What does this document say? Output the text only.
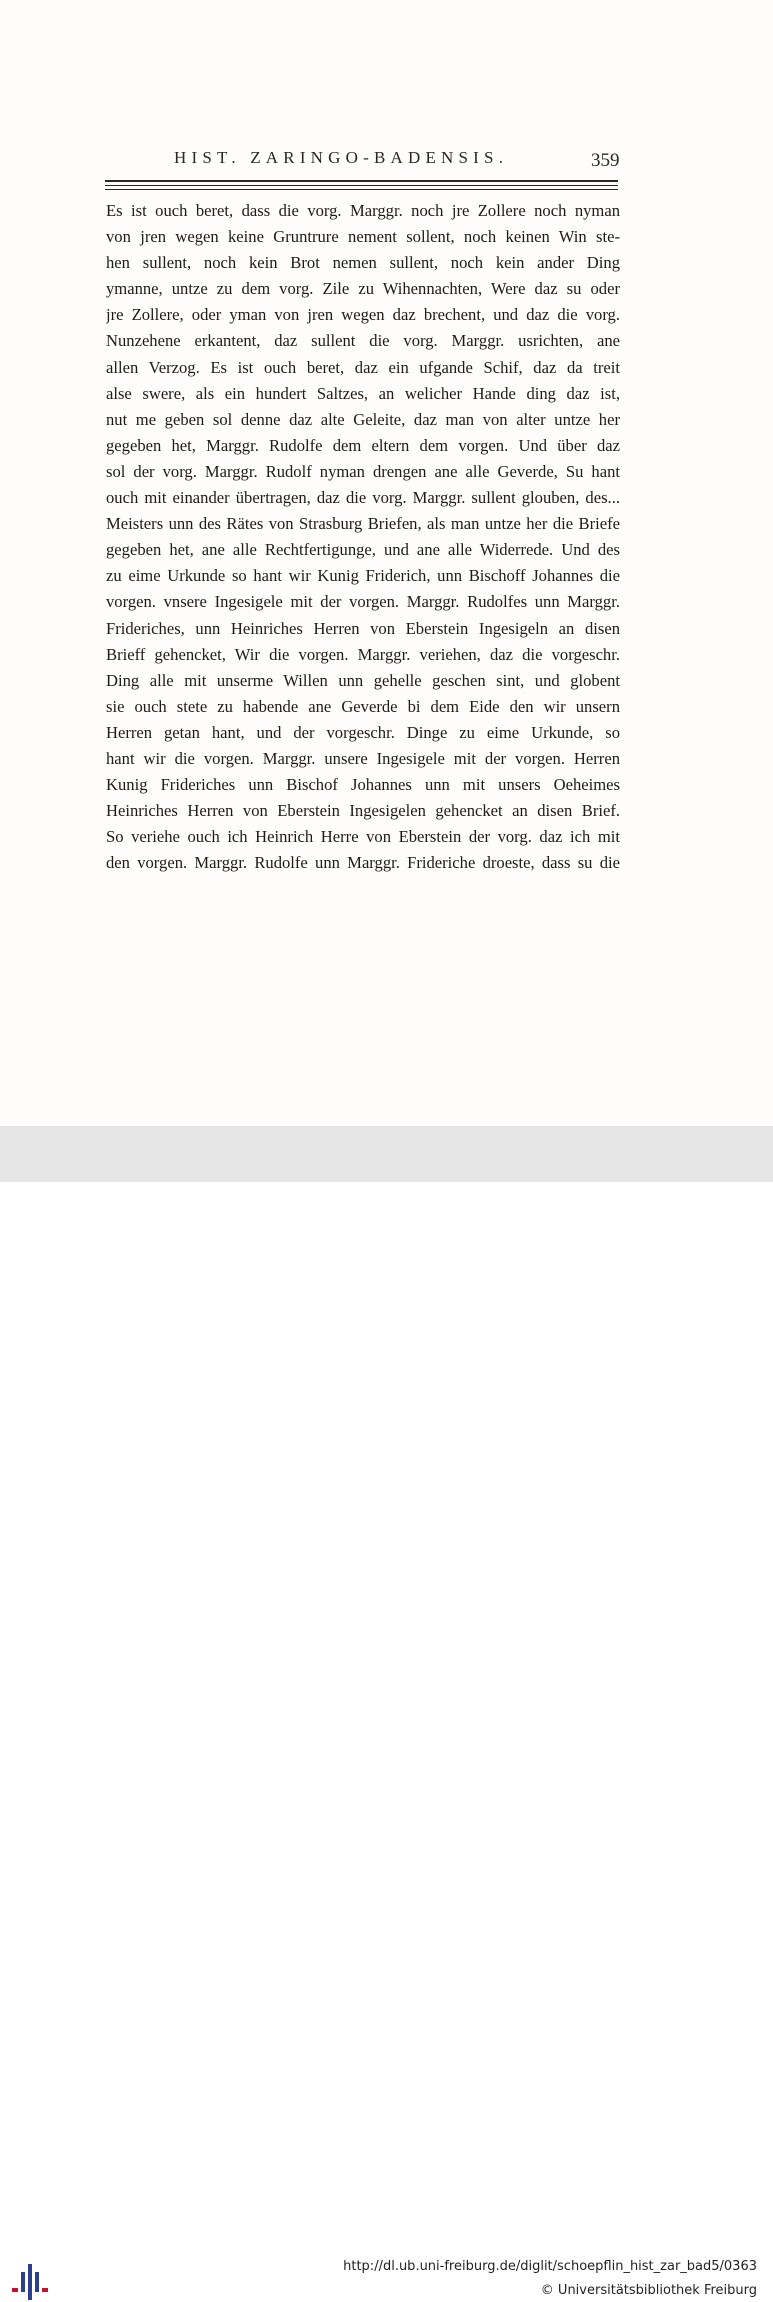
HIST. ZARINGO-BADENSIS.	359
Es ist ouch beret, dass die vorg. Marggr. noch jre Zollere noch nyman
von jren wegen keine Gruntrure nement sollent, noch keinen Win ste-
hen sullent, noch kein Brot nemen sullent, noch kein ander Ding
ymanne, untze zu dem vorg. Zile zu Wihennachten, Were daz su oder
jre Zollere, oder yman von jren wegen daz brechent, und daz die vorg.
Nunzehene erkantent, daz sullent die vorg. Marggr. usrichten, ane
allen Verzog. Es ist ouch beret, daz ein ufgande Schif, daz da treit
alse swere, als ein hundert Saltzes, an welicher Hande ding daz ist,
nut me geben sol denne daz alte Geleite, daz man von alter untze her
gegeben het, Marggr. Rudolfe dem eltern dem vorgen. Und über daz
sol der vorg. Marggr. Rudolf nyman drengen ane alle Geverde, Su hant
ouch mit einander übertragen, daz die vorg. Marggr. sullent glouben, des...
Meisters unn des Rätes von Strasburg Briefen, als man untze her die Briefe
gegeben het, ane alle Rechtfertigunge, und ane alle Widerrede. Und des
zu eime Urkunde so hant wir Kunig Friderich, unn Bischoff Johannes die
vorgen. vnsere Ingesigele mit der vorgen. Marggr. Rudolfes unn Marggr.
Frideriches, unn Heinriches Herren von Eberstein Ingesigeln an disen
Brieff gehencket, Wir die vorgen. Marggr. veriehen, daz die vorgeschr.
Ding alle mit unserme Willen unn gehelle geschen sint, und globent
sie ouch stete zu habende ane Geverde bi dem Eide den wir unsern
Herren getan hant, und der vorgeschr. Dinge zu eime Urkunde, so
hant wir die vorgen. Marggr. unsere Ingesigele mit der vorgen. Herren
Kunig Frideriches unn Bischof Johannes unn mit unsers Oeheimes
Heinriches Herren von Eberstein Ingesigelen gehencket an disen Brief.
So veriehe ouch ich Heinrich Herre von Eberstein der vorg. daz ich mit
den vorgen. Marggr. Rudolfe unn Marggr. Frideriche droeste, dass su die
http://dl.ub.uni-freiburg.de/diglit/schoepflin_hist_zar_bad5/0363
© Universitätsbibliothek Freiburg
